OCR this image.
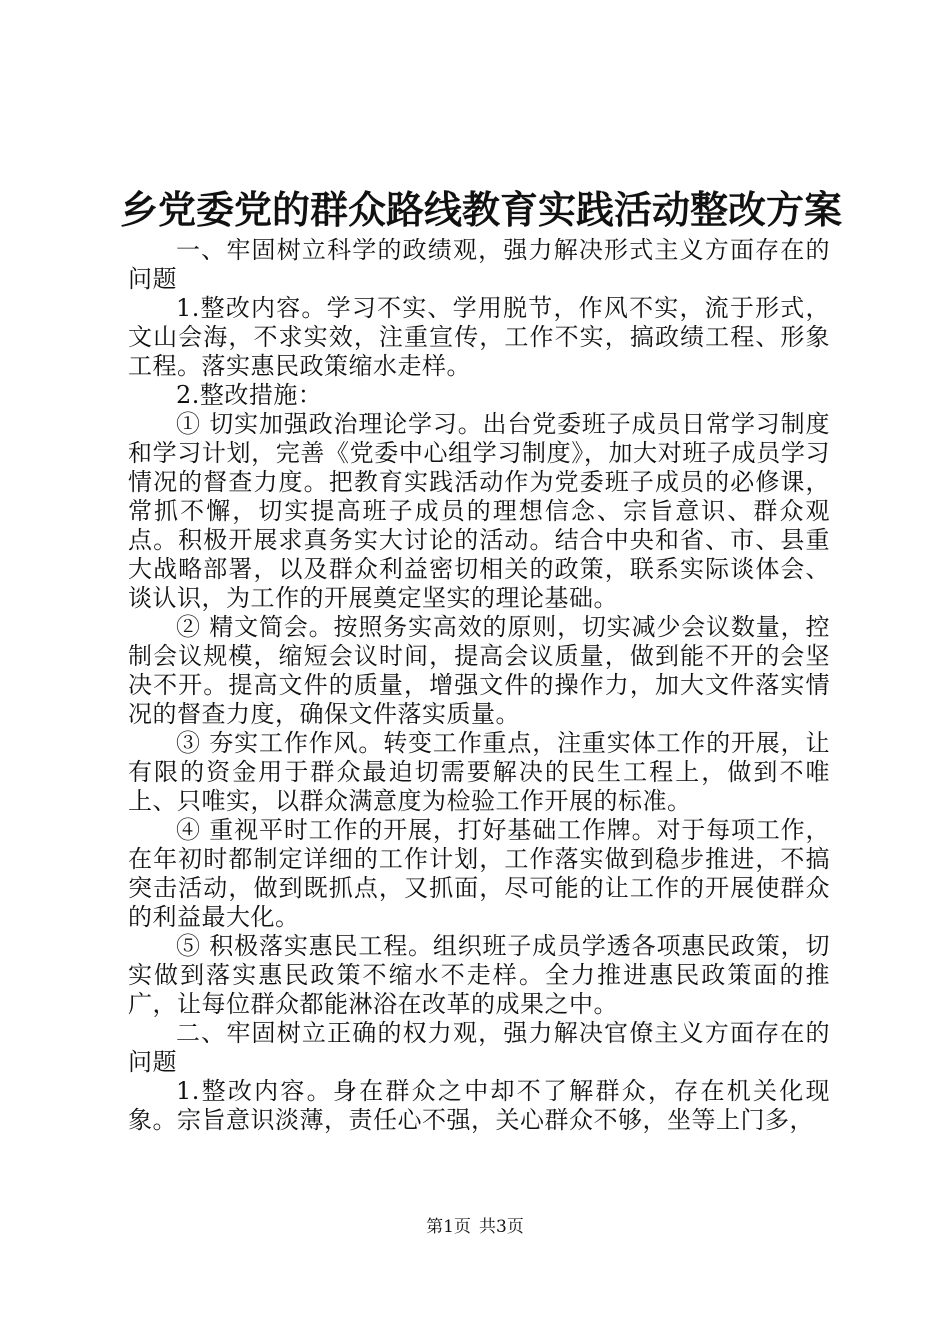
乡党委党的群众路线教育实践活动整改方案

一、牢固树立科学的政绩观，强力解决形式主义方面存在的问题

1.整改内容。学习不实、学用脱节，作风不实，流于形式，文山会海，不求实效，注重宣传，工作不实，搞政绩工程、形象工程。落实惠民政策缩水走样。

2.整改措施：

① 切实加强政治理论学习。出台党委班子成员日常学习制度和学习计划，完善《党委中心组学习制度》，加大对班子成员学习情况的督查力度。把教育实践活动作为党委班子成员的必修课，常抓不懈，切实提高班子成员的理想信念、宗旨意识、群众观点。积极开展求真务实大讨论的活动。结合中央和省、市、县重大战略部署，以及群众利益密切相关的政策，联系实际谈体会、谈认识，为工作的开展奠定坚实的理论基础。

② 精文简会。按照务实高效的原则，切实减少会议数量，控制会议规模，缩短会议时间，提高会议质量，做到能不开的会坚决不开。提高文件的质量，增强文件的操作力，加大文件落实情况的督查力度，确保文件落实质量。

③ 夯实工作作风。转变工作重点，注重实体工作的开展，让有限的资金用于群众最迫切需要解决的民生工程上，做到不唯上、只唯实，以群众满意度为检验工作开展的标准。

④ 重视平时工作的开展，打好基础工作牌。对于每项工作，在年初时都制定详细的工作计划，工作落实做到稳步推进，不搞突击活动，做到既抓点，又抓面，尽可能的让工作的开展使群众的利益最大化。

⑤ 积极落实惠民工程。组织班子成员学透各项惠民政策，切实做到落实惠民政策不缩水不走样。全力推进惠民政策面的推广，让每位群众都能淋浴在改革的成果之中。

二、牢固树立正确的权力观，强力解决官僚主义方面存在的问题

1.整改内容。身在群众之中却不了解群众，存在机关化现象。宗旨意识淡薄，责任心不强，关心群众不够，坐等上门多，

第1页 共3页
